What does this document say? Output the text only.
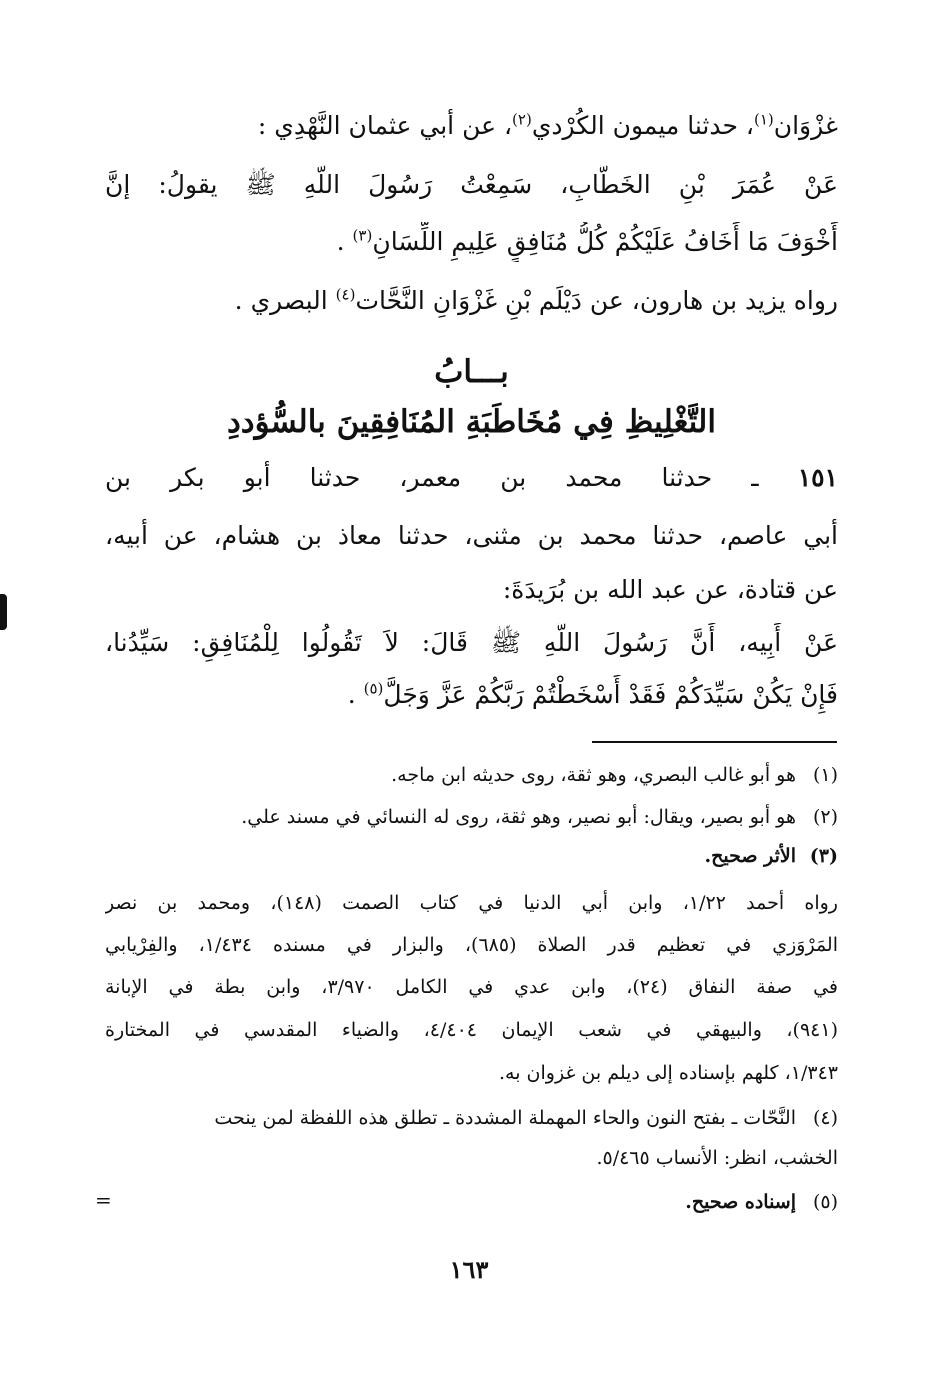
غزْوَان$^{(١)}$، حدثنا ميمون الكُرْدي$^{(٢)}$، عن أبي عثمان النَّهْدِي :
عَنْ عُمَرَ بْنِ الخَطَّابِ، سَمِعْتُ رَسُولَ اللَّهِ ﷺ يقولُ: إنَّ
أَخْوَفَ مَا أَخَافُ عَلَيْكُمْ كُلُّ مُنَافِقٍ عَلِيمِ اللِّسَانِ$^{(٣)}$ .
رواه يزيد بن هارون، عن دَيْلَم بْنِ غَزْوَانِ النَّحَّات$^{(٤)}$ البصري .
بـــابُ
التَّغْلِيظِ فِي مُخَاطَبَةِ المُنَافِقِينَ بالسُّؤددِ
١٥١ ـ حدثنا محمد بن معمر، حدثنا أبو بكر بن
أبي عاصم، حدثنا محمد بن مثنى، حدثنا معاذ بن هشام، عن أبيه،
عن قتادة، عن عبد الله بن بُرَيدَةَ:
عَنْ أَبِيه، أَنَّ رَسُولَ اللَّهِ ﷺ قَالَ: لاَ تَقُولُوا لِلْمُنَافِقِ: سَيِّدُنا،
فَإِنْ يَكُنْ سَيِّدَكُمْ فَقَدْ أَسْخَطْتُمْ رَبَّكُمْ عَزَّ وَجَلَّ$^{(٥)}$ .
(١)هو أبو غالب البصري، وهو ثقة، روى حديثه ابن ماجه.
(٢)هو أبو بصير، ويقال: أبو نصير، وهو ثقة، روى له النسائي في مسند علي.
(٣)الأثر صحيح.
رواه أحمد ١/٢٢، وابن أبي الدنيا في كتاب الصمت (١٤٨)، ومحمد بن نصر
المَرْوَزي في تعظيم قدر الصلاة (٦٨٥)، والبزار في مسنده ١/٤٣٤، والفِرْيابي
في صفة النفاق (٢٤)، وابن عدي في الكامل ٣/٩٧٠، وابن بطة في الإبانة
(٩٤١)، والبيهقي في شعب الإيمان ٤/٤٠٤، والضياء المقدسي في المختارة
١/٣٤٣، كلهم بإسناده إلى ديلم بن غزوان به.
(٤)النَّحّات ـ بفتح النون والحاء المهملة المشددة ـ تطلق هذه اللفظة لمن ينحت
الخشب، انظر: الأنساب ٥/٤٦٥.
(٥)إسناده صحيح.
=
١٦٣
